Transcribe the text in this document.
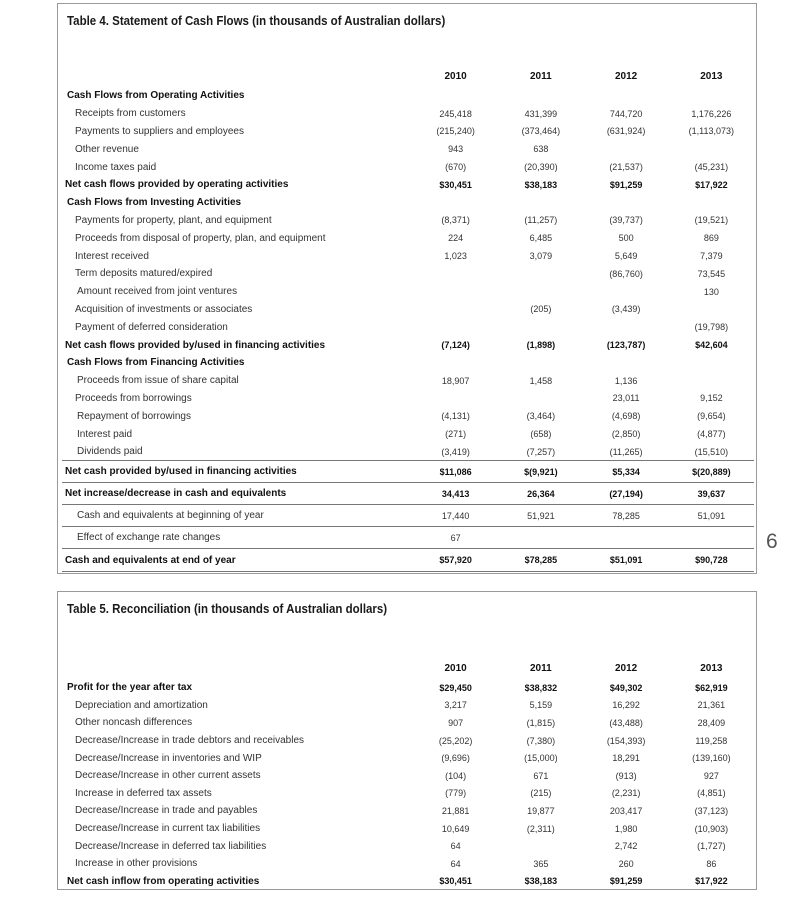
Table 4. Statement of Cash Flows (in thousands of Australian dollars)
	2010	2011	2012	2013
Cash Flows from Operating Activities				
Receipts from customers	245,418	431,399	744,720	1,176,226
Payments to suppliers and employees	(215,240)	(373,464)	(631,924)	(1,113,073)
Other revenue	943	638		
Income taxes paid	(670)	(20,390)	(21,537)	(45,231)
Net cash flows provided by operating activities	$30,451	$38,183	$91,259	$17,922
Cash Flows from Investing Activities				
Payments for property, plant, and equipment	(8,371)	(11,257)	(39,737)	(19,521)
Proceeds from disposal of property, plan, and equipment	224	6,485	500	869
Interest received	1,023	3,079	5,649	7,379
Term deposits matured/expired			(86,760)	73,545
Amount received from joint ventures				130
Acquisition of investments or associates		(205)	(3,439)	
Payment of deferred consideration				(19,798)
Net cash flows provided by/used in financing activities	(7,124)	(1,898)	(123,787)	$42,604
Cash Flows from Financing Activities				
Proceeds from issue of share capital	18,907	1,458	1,136	
Proceeds from borrowings			23,011	9,152
Repayment of borrowings	(4,131)	(3,464)	(4,698)	(9,654)
Interest paid	(271)	(658)	(2,850)	(4,877)
Dividends paid	(3,419)	(7,257)	(11,265)	(15,510)
Net cash provided by/used in financing activities	$11,086	$(9,921)	$5,334	$(20,889)
Net increase/decrease in cash and equivalents	34,413	26,364	(27,194)	39,637
Cash and equivalents at beginning of year	17,440	51,921	78,285	51,091
Effect of exchange rate changes	67			
Cash and equivalents at end of year	$57,920	$78,285	$51,091	$90,728
6
Table 5. Reconciliation (in thousands of Australian dollars)
	2010	2011	2012	2013
Profit for the year after tax	$29,450	$38,832	$49,302	$62,919
Depreciation and amortization	3,217	5,159	16,292	21,361
Other noncash differences	907	(1,815)	(43,488)	28,409
Decrease/Increase in trade debtors and receivables	(25,202)	(7,380)	(154,393)	119,258
Decrease/Increase in inventories and WIP	(9,696)	(15,000)	18,291	(139,160)
Decrease/Increase in other current assets	(104)	671	(913)	927
Increase in deferred tax assets	(779)	(215)	(2,231)	(4,851)
Decrease/Increase in trade and payables	21,881	19,877	203,417	(37,123)
Decrease/Increase in current tax liabilities	10,649	(2,311)	1,980	(10,903)
Decrease/Increase in deferred tax liabilities	64		2,742	(1,727)
Increase in other provisions	64	365	260	86
Net cash inflow from operating activities	$30,451	$38,183	$91,259	$17,922
